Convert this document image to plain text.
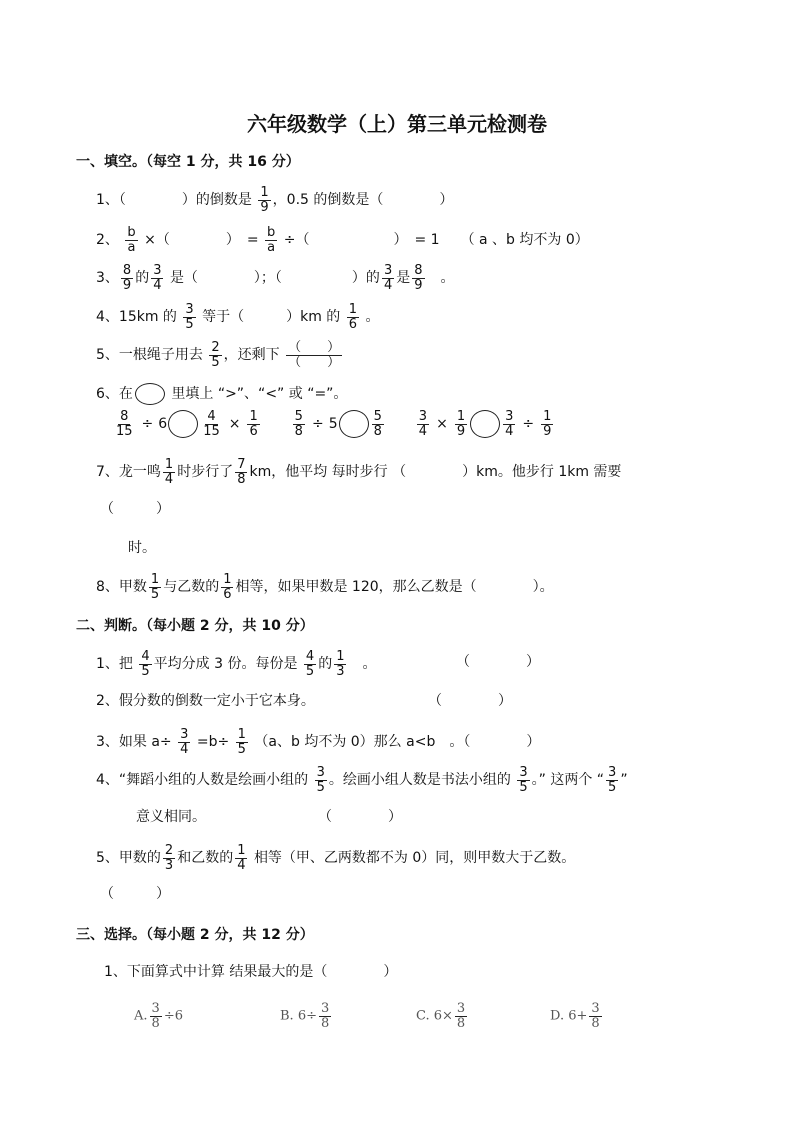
六年级数学（上）第三单元检测卷
一、填空。（每空 1 分，共 16 分）
1、（　　　　）的倒数是 $\frac{1}{9}$ ，0.5 的倒数是（　　　　）
2、 $\frac{b}{a}$ ×（　　　　）　= $\frac{b}{a}$ ÷（　　　　　　）　= 1　　 （ a 、b 均不为 0）
3、 $\frac{8}{9}$ 的 $\frac{3}{4}$ 是（　　　　）；（　　　　　）的 $\frac{3}{4}$ 是 $\frac{8}{9}$
　 。
4、15km 的 $\frac{3}{5}$ 等于（　　　）km 的 $\frac{1}{6}$ 。
5、一根绳子用去 $\frac{2}{5}$ ，还剩下 $\frac{( )}{( )}$
6、在	里填上 “>”、“<” 或 “=”。
$\frac{8}{15} \div 6$	$\frac{4}{15} \times \frac{1}{6}$
	$\frac{5}{8} \div 5$	$\frac{5}{8}$
	$\frac{3}{4} \times \frac{1}{9}$	$\frac{3}{4} \div \frac{1}{9}$
7、龙一鸣 $\frac{1}{4}$ 时步行了 $\frac{7}{8}$ km，他平均 每时步行 （　　　　）km。他步行 1km 需要
（　　　）
时。
8、甲数 $\frac{1}{5}$ 与乙数的 $\frac{1}{6}$ 相等，如果甲数是 120，那么乙数是（　　　　）。
二、判断。（每小题 2 分，共 10 分）
1、把 $\frac{4}{5}$ 平均分成 3 份。每份是 $\frac{4}{5}$ 的 $\frac{1}{3}$
　 。	（　　　　）
2、假分数的倒数一定小于它本身。	（　　　　）
3、如果 $a\div \frac{3}{4} =b\div \frac{1}{5} (a$、b 均不为 0）那么 a<b　。（　　　　）
4、“舞蹈小组的人数是绘画小组的 $\frac{3}{5}$ 。绘画小组人数是书法小组的 $\frac{3}{5}$ 。” 这两个 “ $\frac{3}{5}$ ”
意义相同。	（　　　　）
5、甲数的 $\frac{2}{3}$ 和乙数的 $\frac{1}{4}$ 相等（甲、乙两数都不为 0）同，则甲数大于乙数。
（　　　）
三、选择。（每小题 2 分，共 12 分）
1、下面算式中计算 结果最大的是（　　　　）
A. $\frac{3}{8} \div 6$	B. $6\div \frac{3}{8}$	C. $6\times \frac{3}{8}$	D. $6+ \frac{3}{8}$
